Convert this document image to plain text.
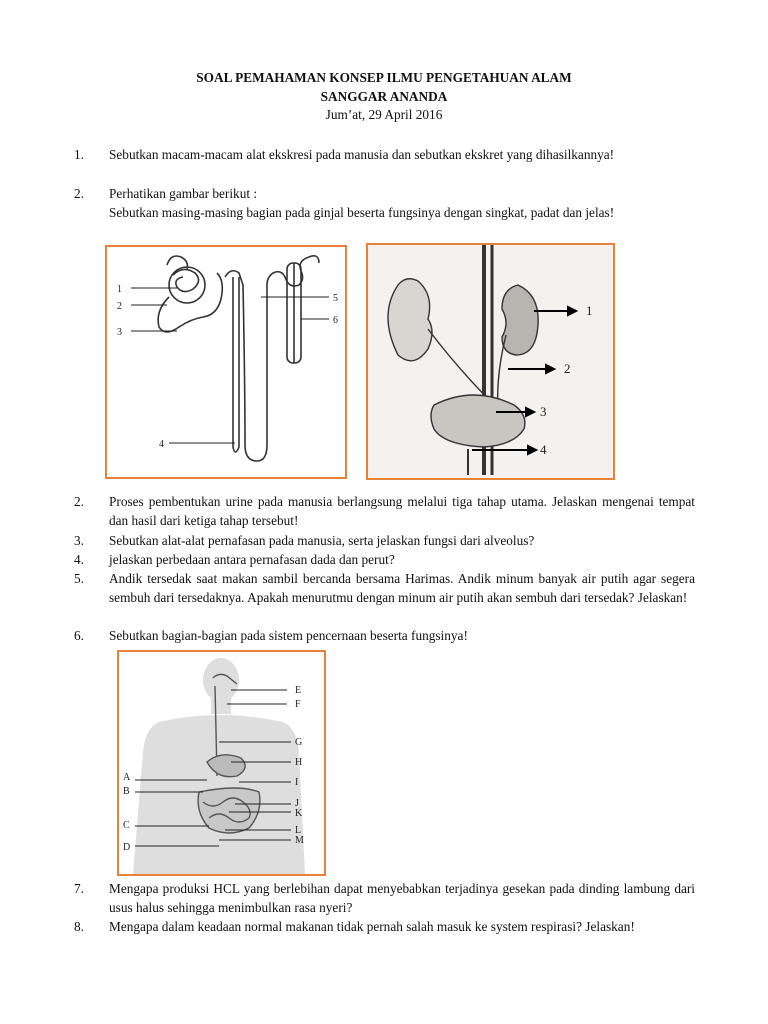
SOAL PEMAHAMAN KONSEP ILMU PENGETAHUAN ALAM
SANGGAR ANANDA
Jum’at, 29 April 2016
1. Sebutkan macam-macam alat ekskresi pada manusia dan sebutkan ekskret yang dihasilkannya!
2. Perhatikan gambar berikut :
Sebutkan masing-masing bagian pada ginjal beserta fungsinya dengan singkat, padat dan jelas!
1
2
3
4
5
6
1
2
3
4
2. Proses pembentukan urine pada manusia berlangsung melalui tiga tahap utama. Jelaskan mengenai tempat dan hasil dari ketiga tahap tersebut!
3. Sebutkan alat-alat pernafasan pada manusia, serta jelaskan fungsi dari alveolus?
4. jelaskan perbedaan antara pernafasan dada dan perut?
5. Andik tersedak saat makan sambil bercanda bersama Harimas. Andik minum banyak air putih agar segera sembuh dari tersedaknya. Apakah menurutmu dengan minum air putih akan sembuh dari tersedak? Jelaskan!
6. Sebutkan bagian-bagian pada sistem pencernaan beserta fungsinya!
A
B
C
D
E
F
G
H
I
J
K
L
M
7. Mengapa produksi HCL yang berlebihan dapat menyebabkan terjadinya gesekan pada dinding lambung dari usus halus sehingga menimbulkan rasa nyeri?
8. Mengapa dalam keadaan normal makanan tidak pernah salah masuk ke system respirasi? Jelaskan!
